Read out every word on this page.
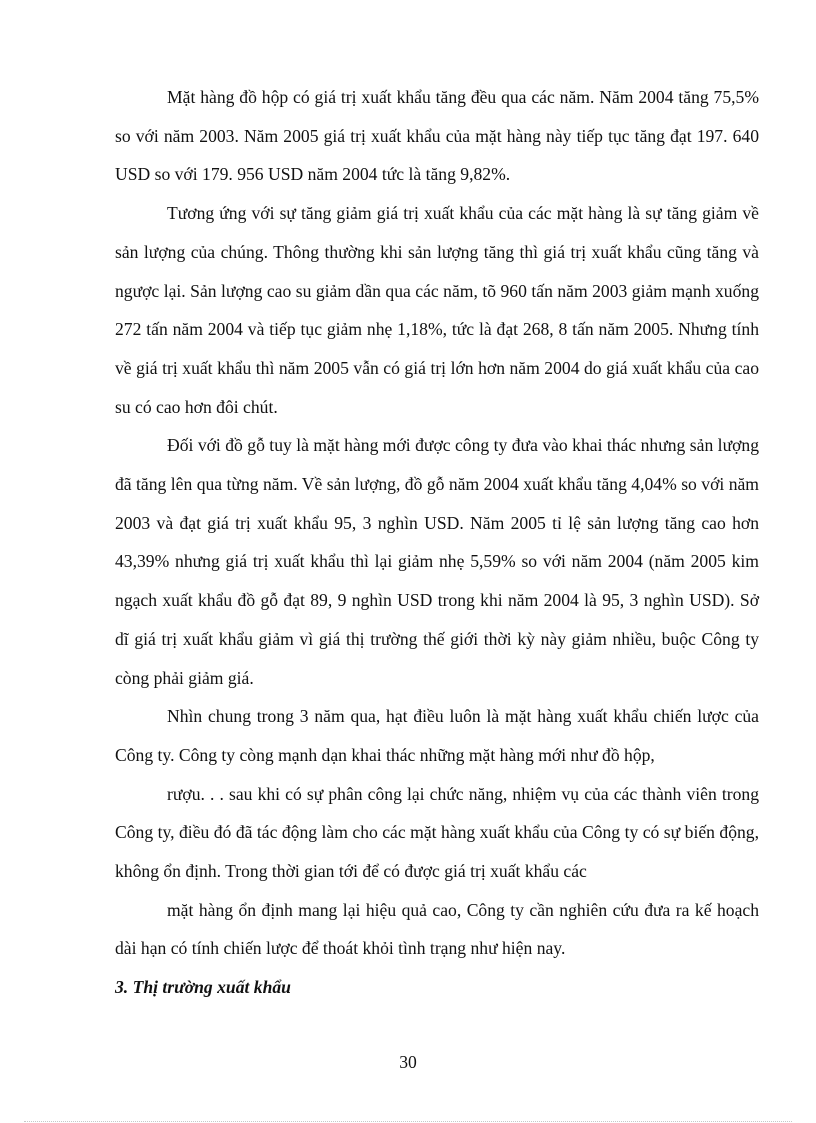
Mặt hàng đồ hộp có giá trị xuất khẩu tăng đều qua các năm. Năm 2004 tăng 75,5% so với năm 2003. Năm 2005 giá trị xuất khẩu của mặt hàng này tiếp tục tăng đạt 197. 640 USD so với 179. 956 USD năm 2004 tức là tăng 9,82%.

Tương ứng với sự tăng giảm giá trị xuất khẩu của các mặt hàng là sự tăng giảm về sản lượng của chúng. Thông thường khi sản lượng tăng thì giá trị xuất khẩu cũng tăng và ngược lại. Sản lượng cao su giảm dần qua các năm, tõ 960 tấn năm 2003 giảm mạnh xuống 272 tấn năm 2004 và tiếp tục giảm nhẹ 1,18%, tức là đạt 268, 8 tấn năm 2005. Nhưng tính về giá trị xuất khẩu thì năm 2005 vẫn có giá trị lớn hơn năm 2004 do giá xuất khẩu của cao su có cao hơn đôi chút.

Đối với đồ gỗ tuy là mặt hàng mới được công ty đưa vào khai thác nhưng sản lượng đã tăng lên qua từng năm. Về sản lượng, đồ gỗ năm 2004 xuất khẩu tăng 4,04% so với năm 2003 và đạt giá trị xuất khẩu 95, 3 nghìn USD. Năm 2005 tỉ lệ sản lượng tăng cao hơn 43,39% nhưng giá trị xuất khẩu thì lại giảm nhẹ 5,59% so với năm 2004 (năm 2005 kim ngạch xuất khẩu đồ gỗ đạt 89, 9 nghìn USD trong khi năm 2004 là 95, 3 nghìn USD). Sở dĩ giá trị xuất khẩu giảm vì giá thị trường thế giới thời kỳ này giảm nhiều, buộc Công ty còng phải giảm giá.

Nhìn chung trong 3 năm qua, hạt điều luôn là mặt hàng xuất khẩu chiến lược của Công ty. Công ty còng mạnh dạn khai thác những mặt hàng mới như đồ hộp,

rượu. . . sau khi có sự phân công lại chức năng, nhiệm vụ của các thành viên trong Công ty, điều đó đã tác động làm cho các mặt hàng xuất khẩu của Công ty có sự biến động, không ổn định. Trong thời gian tới để có được giá trị xuất khẩu các

mặt hàng ổn định mang lại hiệu quả cao, Công ty cần nghiên cứu đưa ra kế hoạch dài hạn có tính chiến lược để thoát khỏi tình trạng như hiện nay.

3. Thị trường xuất khẩu

30
